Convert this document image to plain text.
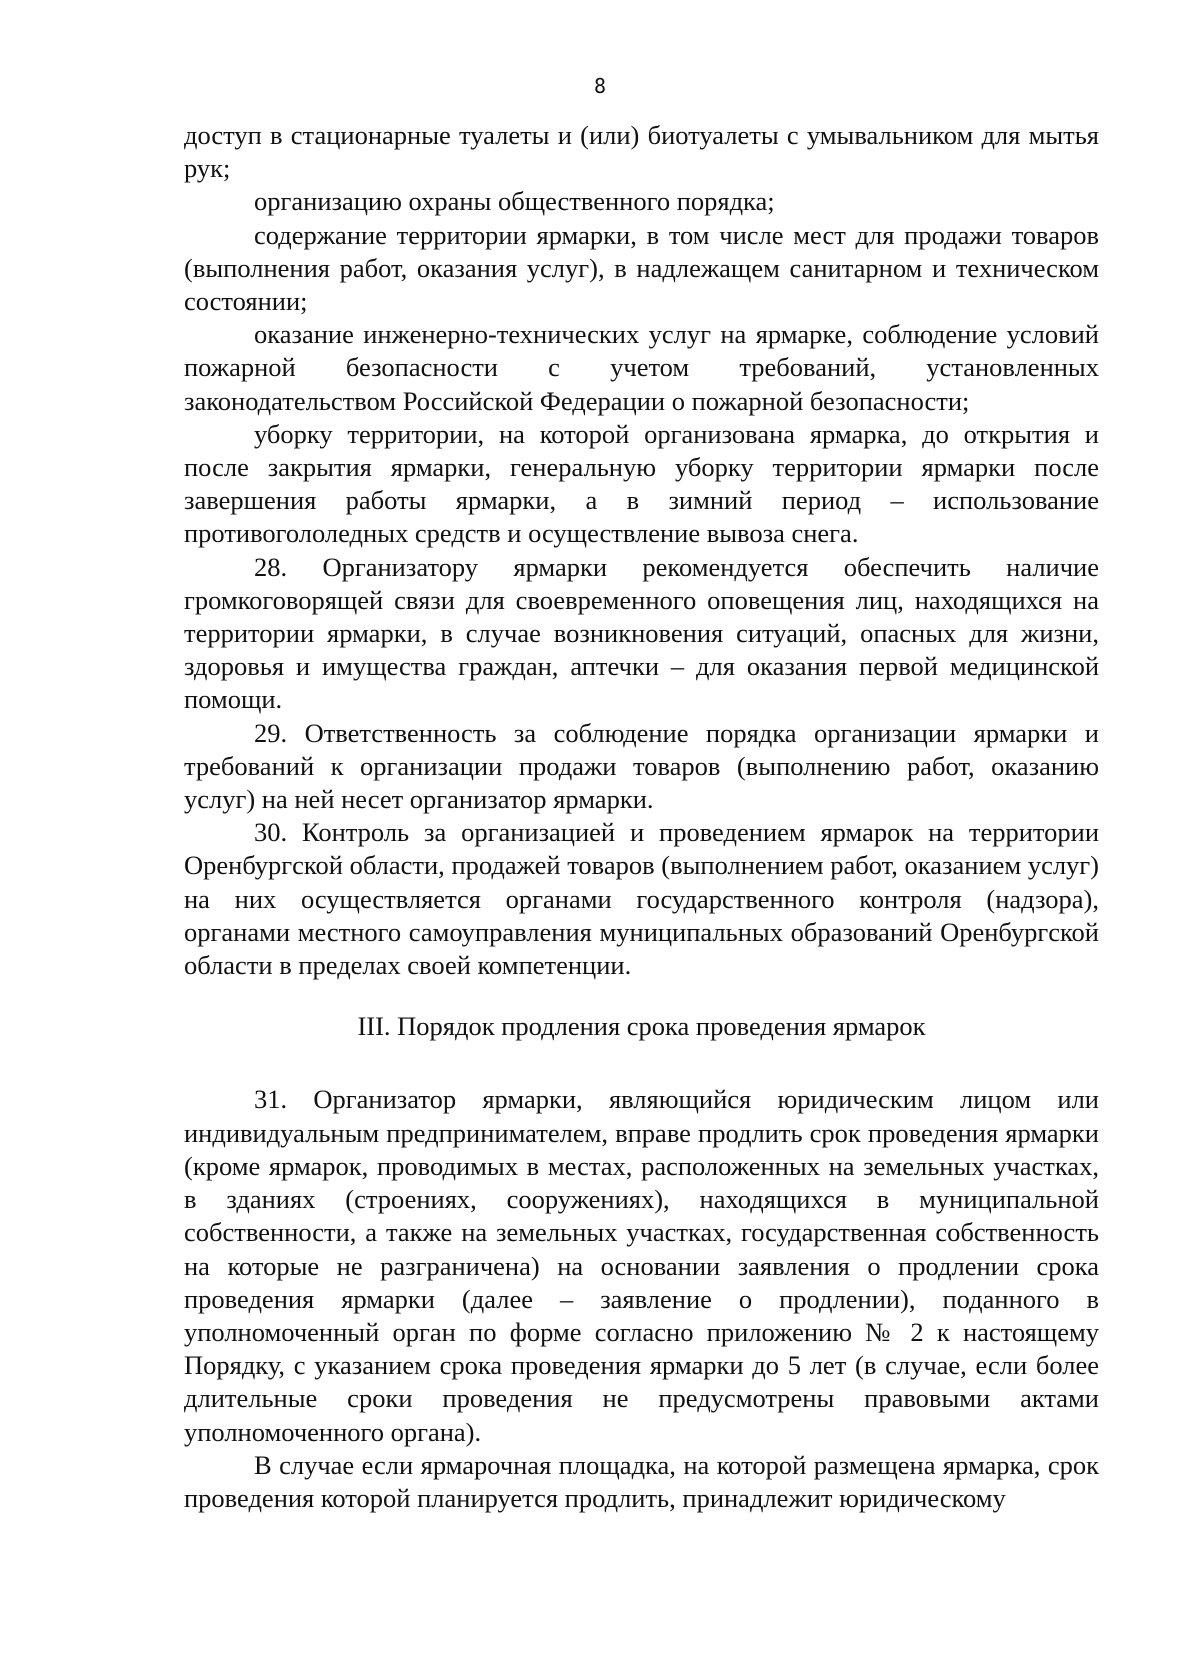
8

доступ в стационарные туалеты и (или) биотуалеты с умывальником для мытья рук;

организацию охраны общественного порядка;

содержание территории ярмарки, в том числе мест для продажи товаров (выполнения работ, оказания услуг), в надлежащем санитарном и техническом состоянии;

оказание инженерно-технических услуг на ярмарке, соблюдение условий пожарной безопасности с учетом требований, установленных законодательством Российской Федерации о пожарной безопасности;

уборку территории, на которой организована ярмарка, до открытия и после закрытия ярмарки, генеральную уборку территории ярмарки после завершения работы ярмарки, а в зимний период – использование противогололедных средств и осуществление вывоза снега.

28. Организатору ярмарки рекомендуется обеспечить наличие громкоговорящей связи для своевременного оповещения лиц, находящихся на территории ярмарки, в случае возникновения ситуаций, опасных для жизни, здоровья и имущества граждан, аптечки – для оказания первой медицинской помощи.

29. Ответственность за соблюдение порядка организации ярмарки и требований к организации продажи товаров (выполнению работ, оказанию услуг) на ней несет организатор ярмарки.

30. Контроль за организацией и проведением ярмарок на территории Оренбургской области, продажей товаров (выполнением работ, оказанием услуг) на них осуществляется органами государственного контроля (надзора), органами местного самоуправления муниципальных образований Оренбургской области в пределах своей компетенции.

III. Порядок продления срока проведения ярмарок

31. Организатор ярмарки, являющийся юридическим лицом или индивидуальным предпринимателем, вправе продлить срок проведения ярмарки (кроме ярмарок, проводимых в местах, расположенных на земельных участках, в зданиях (строениях, сооружениях), находящихся в муниципальной собственности, а также на земельных участках, государственная собственность на которые не разграничена) на основании заявления о продлении срока проведения ярмарки (далее – заявление о продлении), поданного в уполномоченный орган по форме согласно приложению № 2 к настоящему Порядку, с указанием срока проведения ярмарки до 5 лет (в случае, если более длительные сроки проведения не предусмотрены правовыми актами уполномоченного органа).

В случае если ярмарочная площадка, на которой размещена ярмарка, срок проведения которой планируется продлить, принадлежит юридическому
